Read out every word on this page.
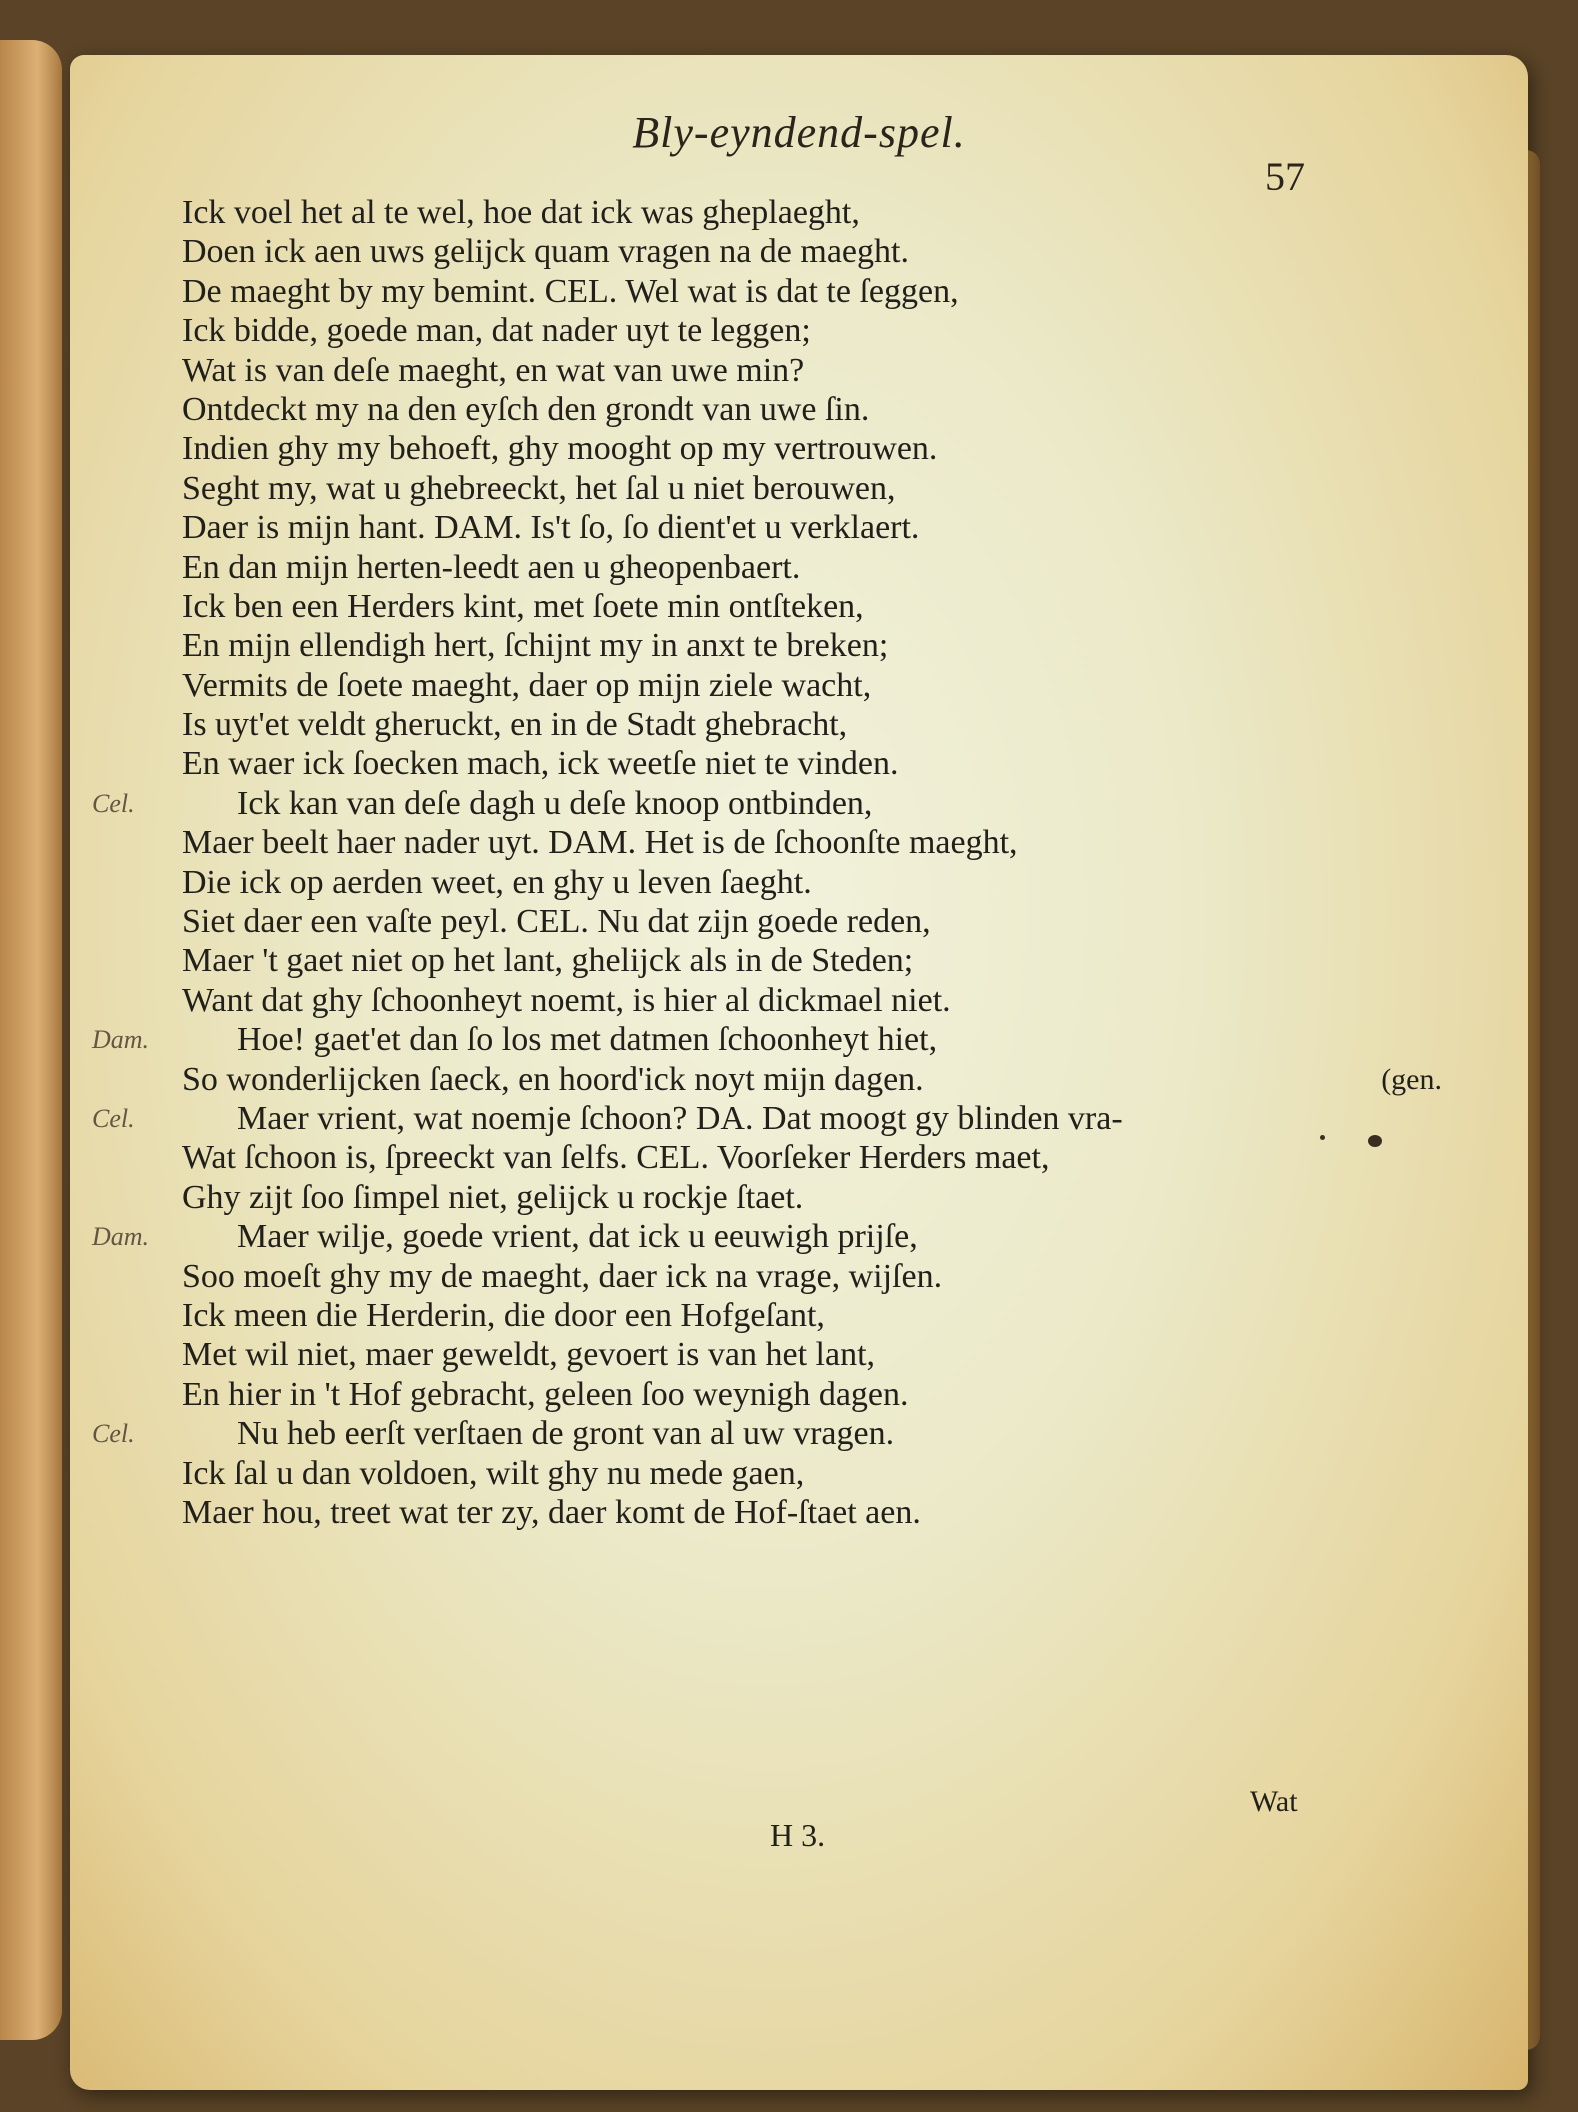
Bly-eyndend-spel.
57
Ick voel het al te wel, hoe dat ick was gheplaeght,
Doen ick aen uws gelijck quam vragen na de maeght.
De maeght by my bemint. CEL. Wel wat is dat te ſeggen,
Ick bidde, goede man, dat nader uyt te leggen;
Wat is van deſe maeght, en wat van uwe min?
Ontdeckt my na den eyſch den grondt van uwe ſin.
Indien ghy my behoeft, ghy mooght op my vertrouwen.
Seght my, wat u ghebreeckt, het ſal u niet berouwen,
Daer is mijn hant. DAM. Is't ſo, ſo dient'et u verklaert.
En dan mijn herten-leedt aen u gheopenbaert.
Ick ben een Herders kint, met ſoete min ontſteken,
En mijn ellendigh hert, ſchijnt my in anxt te breken;
Vermits de ſoete maeght, daer op mijn ziele wacht,
Is uyt'et veldt gheruckt, en in de Stadt ghebracht,
En waer ick ſoecken mach, ick weetſe niet te vinden.
Cel.	Ick kan van deſe dagh u deſe knoop ontbinden,
Maer beelt haer nader uyt. DAM. Het is de ſchoonſte maeght,
Die ick op aerden weet, en ghy u leven ſaeght.
Siet daer een vaſte peyl. CEL. Nu dat zijn goede reden,
Maer 't gaet niet op het lant, ghelijck als in de Steden;
Want dat ghy ſchoonheyt noemt, is hier al dickmael niet.
Dam.	Hoe! gaet'et dan ſo los met datmen ſchoonheyt hiet,
So wonderlijcken ſaeck, en hoord'ick noyt mijn dagen.	(gen.
Cel.	Maer vrient, wat noemje ſchoon? DA. Dat moogt gy blinden vra-
Wat ſchoon is, ſpreeckt van ſelfs. CEL. Voorſeker Herders maet,
Ghy zijt ſoo ſimpel niet, gelijck u rockje ſtaet.
Dam.	Maer wilje, goede vrient, dat ick u eeuwigh prijſe,
Soo moeſt ghy my de maeght, daer ick na vrage, wijſen.
Ick meen die Herderin, die door een Hofgeſant,
Met wil niet, maer geweldt, gevoert is van het lant,
En hier in 't Hof gebracht, geleen ſoo weynigh dagen.
Cel.	Nu heb eerſt verſtaen de gront van al uw vragen.
Ick ſal u dan voldoen, wilt ghy nu mede gaen,
Maer hou, treet wat ter zy, daer komt de Hof-ſtaet aen.
Wat
H 3.
